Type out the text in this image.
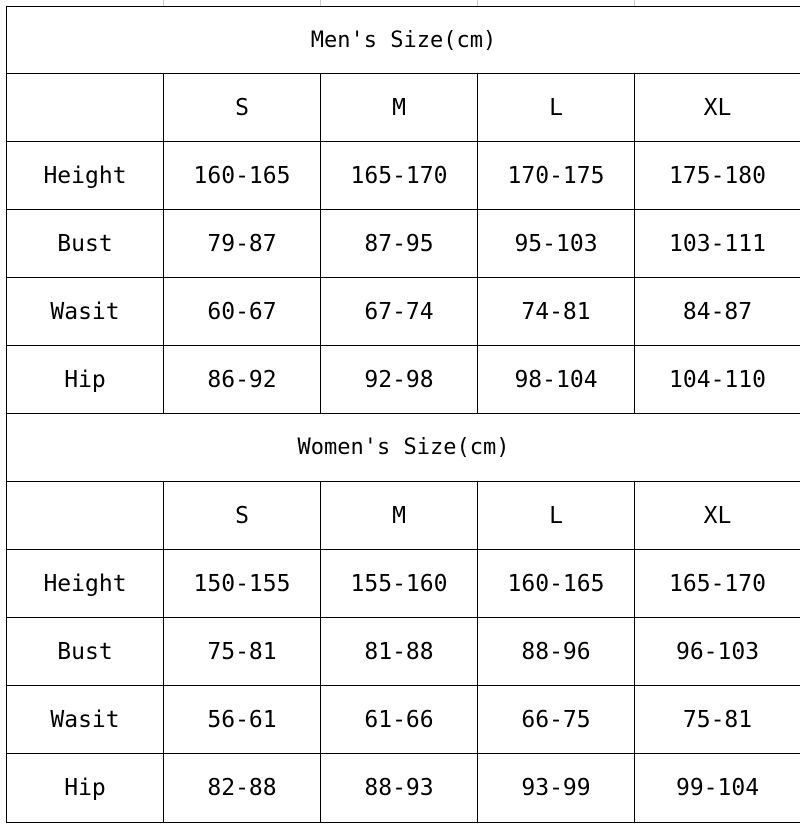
Men's Size(cm)				
	S	M	L	XL
Height	160-165	165-170	170-175	175-180
Bust	79-87	87-95	95-103	103-111
Wasit	60-67	67-74	74-81	84-87
Hip	86-92	92-98	98-104	104-110
Women's Size(cm)				
	S	M	L	XL
Height	150-155	155-160	160-165	165-170
Bust	75-81	81-88	88-96	96-103
Wasit	56-61	61-66	66-75	75-81
Hip	82-88	88-93	93-99	99-104
